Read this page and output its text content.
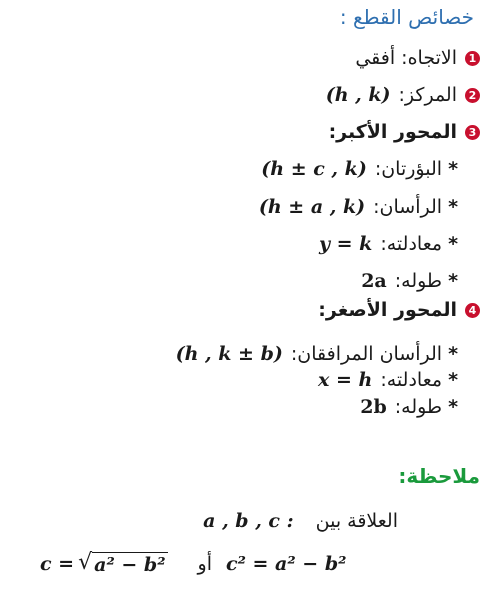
خصائص القطع :
1
الاتجاه: أفقي
2
المركز:
(h , k)
3
المحور الأكبر:
*
البؤرتان:
(h ± c , k)
*
الرأسان:
(h ± a , k)
*
معادلته:
y = k
*
طوله:
2a
4
المحور الأصغر:
*
الرأسان المرافقان:
(h , k ± b)
*
معادلته:
x = h
*
طوله:
2b
ملاحظة:
العلاقة بين
a , b , c :
c = √ a² − b² أو c² = a² − b²
